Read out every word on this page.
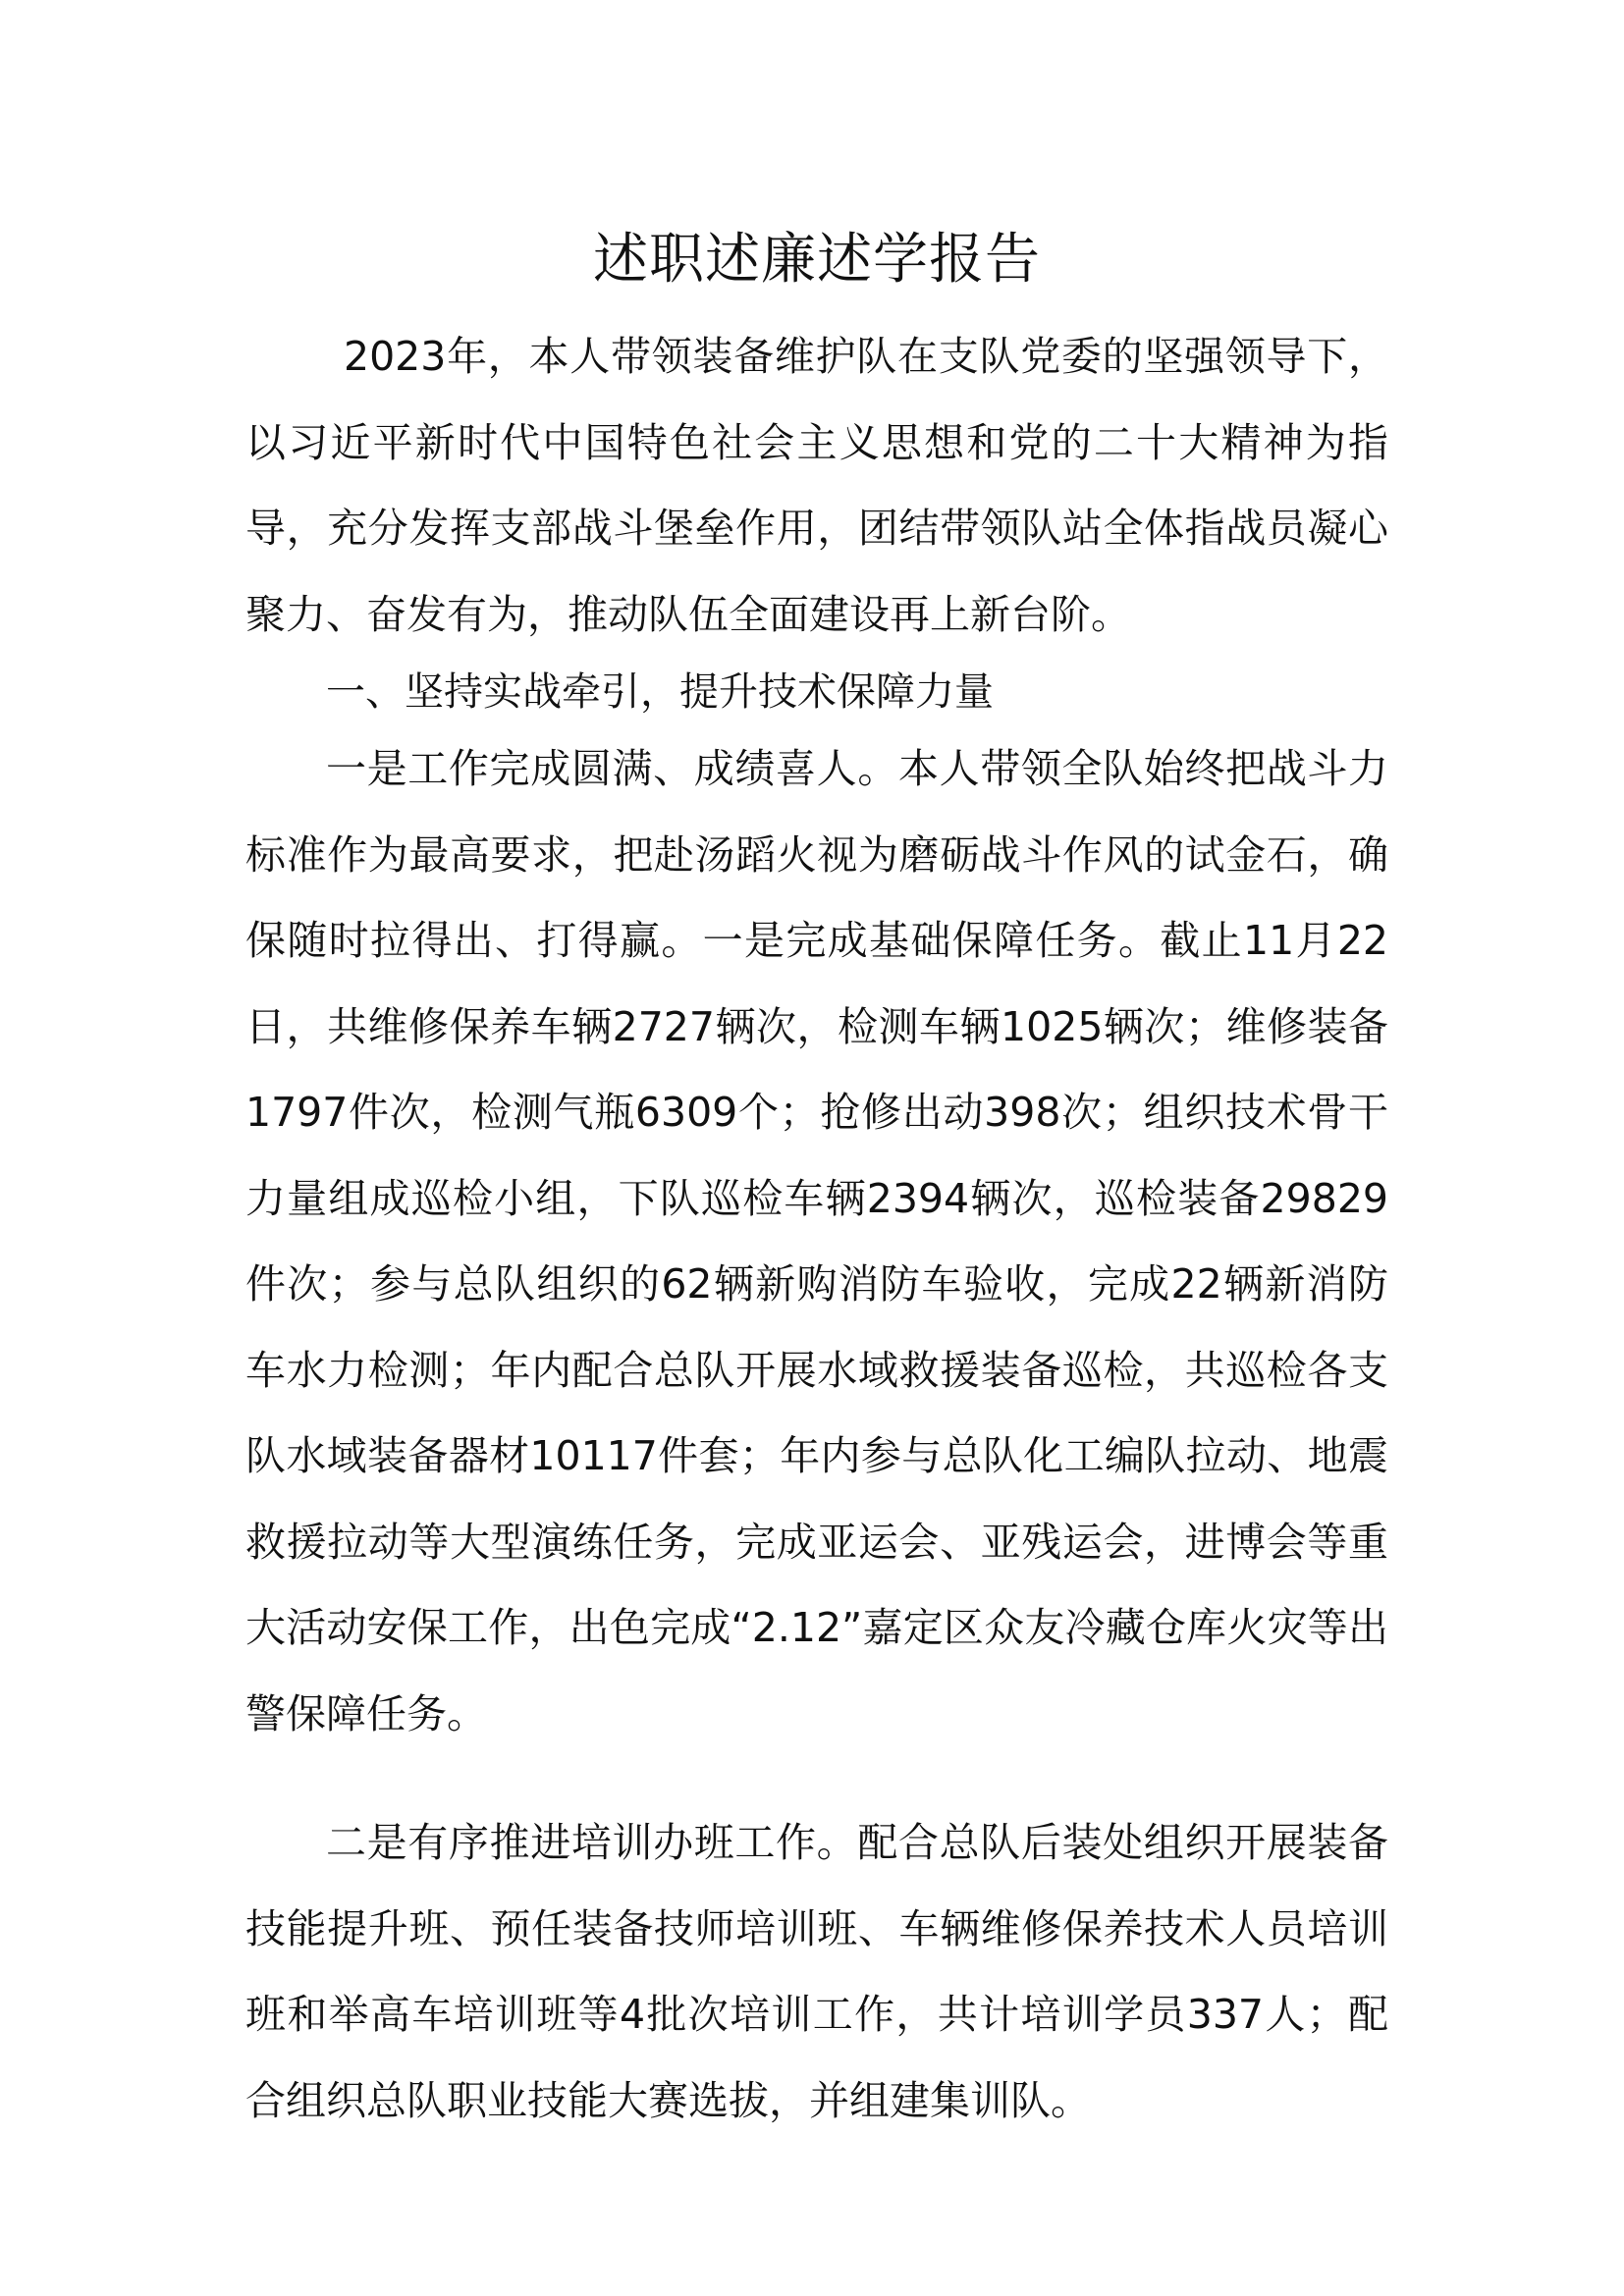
述职述廉述学报告

2023年，本人带领装备维护队在支队党委的坚强领导下，以习近平新时代中国特色社会主义思想和党的二十大精神为指导，充分发挥支部战斗堡垒作用，团结带领队站全体指战员凝心聚力、奋发有为，推动队伍全面建设再上新台阶。

一、坚持实战牵引，提升技术保障力量

一是工作完成圆满、成绩喜人。本人带领全队始终把战斗力标准作为最高要求，把赴汤蹈火视为磨砺战斗作风的试金石，确保随时拉得出、打得赢。一是完成基础保障任务。截止11月22日，共维修保养车辆2727辆次，检测车辆1025辆次；维修装备1797件次，检测气瓶6309个；抢修出动398次；组织技术骨干力量组成巡检小组，下队巡检车辆2394辆次，巡检装备29829件次；参与总队组织的62辆新购消防车验收，完成22辆新消防车水力检测；年内配合总队开展水域救援装备巡检，共巡检各支队水域装备器材10117件套；年内参与总队化工编队拉动、地震救援拉动等大型演练任务，完成亚运会、亚残运会，进博会等重大活动安保工作，出色完成“2.12”嘉定区众友冷藏仓库火灾等出警保障任务。

二是有序推进培训办班工作。配合总队后装处组织开展装备技能提升班、预任装备技师培训班、车辆维修保养技术人员培训班和举高车培训班等4批次培训工作，共计培训学员337人；配合组织总队职业技能大赛选拔，并组建集训队。
